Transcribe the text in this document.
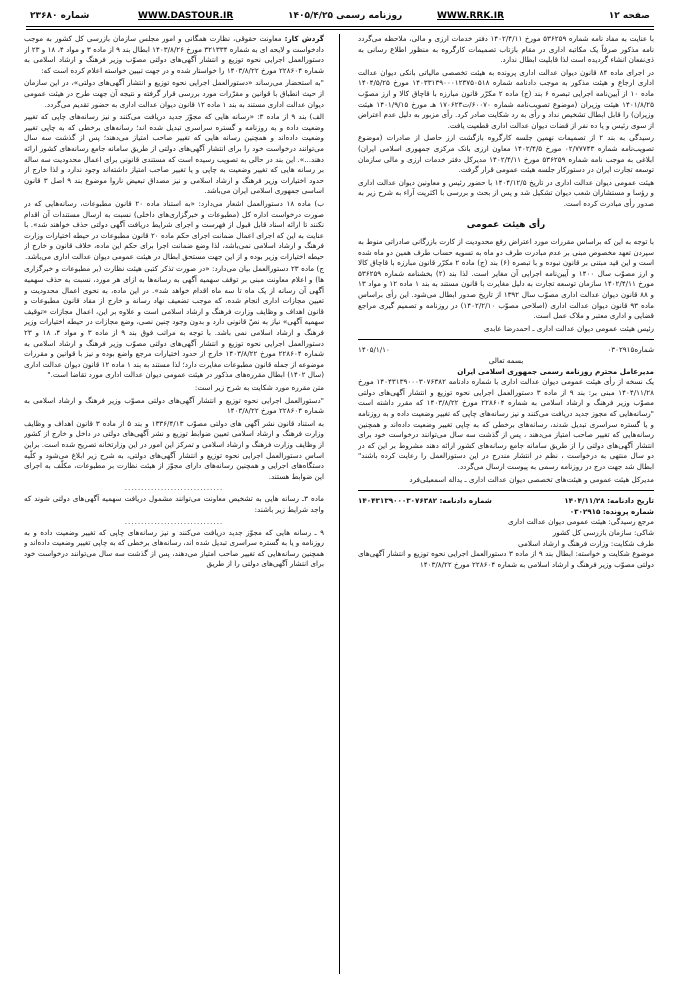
صفحه ۱۲
WWW.RRK.IR
روزنامه رسمی ۱۴۰۵/۴/۲۵
WWW.DASTOUR.IR
شماره ۲۳۶۸۰

با عنایت به مفاد نامه شماره ۵۳۶۲۵۹ مورخ ۱۴۰۲/۴/۱۱ دفتر خدمات ارزی و مالی، ملاحظه می‌گردد نامه مذکور صرفاً یک مکاتبه اداری در مقام بازتاب تصمیمات کارگروه به منظور اطلاع رسانی به ذی‌نفعان انشاء گردیده است لذا قابلیت ابطال ندارد.

در اجرای ماده ۸۴ قانون دیوان عدالت اداری پرونده به هیئت تخصصی مالیاتی بانکی دیوان عدالت اداری ارجاع و هیئت مذکور به موجب دادنامه شماره ۱۴۰۳۳۱۳۹۰۰۰۱۲۳۷۵۰۵۱۸ مورخ ۱۴۰۴/۵/۲۵ ماده ۱۰ از آیین‌نامه اجرایی تبصره ۶ بند (ج) ماده ۲ مکرّر قانون مبارزه با قاچاق کالا و ارز مصوّب ۱۴۰۱/۸/۲۵ هیئت وزیران (موضوع تصویب‌نامه شماره ۶۰۰۷۰/ت۱۷۰۶۲۳ هـ مورخ ۱۴۰۱/۹/۱۵ هیئت وزیران) را قابل ابطال تشخیص نداد و رأی به رد شکایت صادر کرد. رأی مزبور به دلیل عدم اعتراض از سوی رئیس و یا ده نفر از قضات دیوان عدالت اداری قطعیت یافت.

رسیدگی به بند ۲ از تصمیمات نهمین جلسه کارگروه بازگشت ارز حاصل از صادرات (موضوع تصویب‌نامه شماره ۰۲/۷۷۷۴۳ مورخ ۱۴۰۲/۴/۵ معاون ارزی بانک مرکزی جمهوری اسلامی ایران) ابلاغی به موجب نامه شماره ۵۳۶۲۵۹ مورخ ۱۴۰۲/۴/۱۱ مدیرکل دفتر خدمات ارزی و مالی سازمان توسعه تجارت ایران در دستورکار جلسه هیئت عمومی قرار گرفت.

هیئت عمومی دیوان عدالت اداری در تاریخ ۱۴۰۴/۱۲/۵ با حضور رئیس و معاونین دیوان عدالت اداری و رؤسا و مستشاران شعب دیوان تشکیل شد و پس از بحث و بررسی با اکثریت آراء به شرح زیر به صدور رأی مبادرت کرده است.

رأی هیئت عمومی

با توجه به این که براساس مقررات مورد اعتراض رفع محدودیت از کارت بازرگانی صادراتی منوط به سپردن تعهد مخصوص مبنی بر عدم مبادرت طرف دو ماه به تسویه حساب طرف همین دو ماه شده است و این قید مبتنی بر قانون نبوده و با تبصره (۶) بند (ج) ماده ۲ مکرّر قانون مبارزه با قاچاق کالا و ارز مصوّب سال ۱۴۰۰ و آیین‌نامه اجرایی آن مغایر است. لذا بند (۲) بخشنامه شماره ۵۳۶۲۵۹ مورخ ۱۴۰۲/۴/۱۱ سازمان توسعه تجارت به دلیل مغایرت با قانون مستند به بند ۱ ماده ۱۲ و مواد ۱۳ و ۸۸ قانون دیوان عدالت اداری مصوّب سال ۱۳۹۲ از تاریخ صدور ابطال می‌شود. این رأی براساس ماده ۹۳ قانون دیوان عدالت اداری (اصلاحی مصوّب ۱۴۰۲/۲/۱۰) در روزنامه و تصمیم گیری مراجع قضایی و اداری معتبر و ملاک عمل است.

رئیس هیئت عمومی دیوان عدالت اداری ـ احمدرضا عابدی

شماره۰۳۰۲۹۱۵
۱۴۰۵/۱/۱۰
بسمه تعالی
مدیرعامل محترم روزنامه رسمی جمهوری اسلامی ایران

یک نسخه از رأی هیئت عمومی دیوان عدالت اداری با شماره دادنامه ۱۴۰۴۳۱۳۹۰۰۰۳۰۷۶۳۸۲ مورخ ۱۴۰۴/۱۱/۲۸ مبنی بر: بند ۹ از ماده ۳ دستورالعمل اجرایی نحوه توزیع و انتشار آگهی‌های دولتی مصوّب وزیر فرهنگ و ارشاد اسلامی به شماره ۲۲۸۶۰۴ مورخ ۱۴۰۳/۸/۲۲ که مقرر داشته است "رسانه‌هایی که مجوز جدید دریافت می‌کنند و نیز رسانه‌های چاپی که تغییر وضعیت داده و به روزنامه و یا گستره سراسری تبدیل شدند، رسانه‌های برخطی که به چاپی تغییر وضعیت داده‌اند و همچنین رسانه‌هایی که تغییر صاحب امتیاز می‌دهند ، پس از گذشت سه سال می‌توانند درخواست خود برای انتشار آگهی‌های دولتی را از طریق سامانه جامع رسانه‌های کشور ارائه دهند مشروط بر این که در دو سال منتهی به درخواست ، نظم در انتشار مندرج در این دستورالعمل را رعایت کرده باشند" ابطال شد جهت درج در روزنامه رسمی به پیوست ارسال می‌گردد.

مدیرکل هیئت عمومی و هیئت‌های تخصصی دیوان عدالت اداری ـ یداله اسمعیلی‌فرد

تاریخ دادنامه: ۱۴۰۴/۱۱/۲۸
شماره دادنامه: ۱۴۰۴۳۱۳۹۰۰۰۳۰۷۶۳۸۲
شماره پرونده: ۰۳۰۲۹۱۵
مرجع رسیدگی: هیئت عمومی دیوان عدالت اداری
شاکی: سازمان بازرسی کل کشور
طرف شکایت: وزارت فرهنگ و ارشاد اسلامی

موضوع شکایت و خواسته: ابطال بند ۹ از ماده ۳ دستورالعمل اجرایی نحوه توزیع و انتشار آگهی‌های دولتی مصوّب وزیر فرهنگ و ارشاد اسلامی به شماره ۲۲۸۶۰۴ مورخ ۱۴۰۳/۸/۲۲

گردش کار: معاونت حقوقی، نظارت همگانی و امور مجلس سازمان بازرسی کل کشور به موجب دادخواست و لایحه ای به شماره ۳۲۱۳۳۴ مورخ ۱۴۰۳/۸/۲۶ ابطال بند ۹ از ماده ۳ و مواد ۴، ۱۸ و ۲۳ از دستورالعمل اجرایی نحوه توزیع و انتشار آگهی‌های دولتی مصوّب وزیر فرهنگ و ارشاد اسلامی به شماره ۲۲۸۶۰۴ مورخ ۱۴۰۳/۸/۲۲ را خواستار شده و در جهت تبیین خواسته اعلام کرده است که:

"به استحضار می‌رساند «دستورالعمل اجرایی نحوه توزیع و انتشار آگهی‌های دولتی»، در این سازمان از حیث انطباق با قوانین و مقرّرات مورد بررسی قرار گرفته و نتیجه آن جهت طرح در هیئت عمومی دیوان عدالت اداری مستند به بند ۱ ماده ۱۲ قانون دیوان عدالت اداری به حضور تقدیم می‌گردد.

الف) بند ۹ از ماده ۳: «رسانه هایی که مجوّز جدید دریافت می‌کنند و نیز رسانه‌های چاپی که تغییر وضعیت داده و به روزنامه و گستره سراسری تبدیل شده اند؛ رسانه‌های برخطی که به چاپی تغییر وضعیت داده‌اند و همچنین رسانه هایی که تغییر صاحب امتیاز می‌دهند؛ پس از گذشت سه سال می‌توانند درخواست خود را برای انتشار آگهی‌های دولتی از طریق سامانه جامع رسانه‌های کشور ارائه دهند...». این بند در حالی به تصویب رسیده است که مستندی قانونی برای اعمال محدودیت سه ساله بر رسانه هایی که تغییر وضعیت به چاپی و یا تغییر صاحب امتیاز داشته‌اند وجود ندارد و لذا خارج از حدود اختیارات وزیر فرهنگ و ارشاد اسلامی و نیز مصداق تبعیض ناروا موضوع بند ۹ اصل ۳ قانون اساسی جمهوری اسلامی ایران می‌باشد.

ب) ماده ۱۸ دستورالعمل اشعار می‌دارد: «به استناد ماده ۲۰ قانون مطبوعات، رسانه‌هایی که در صورت درخواست اداره کل (مطبوعات و خبرگزاری‌های داخلی) نسبت به ارسال مستندات آن اقدام نکنند تا ارائه اسناد قابل قبول از فهرست و اجرای شرایط دریافت آگهی دولتی حذف خواهند شد». با عنایت به این که اجرای اعمال ضمانت اجرای حکم ماده ۲۰ قانون مطبوعات در حیطه اختیارات وزارت فرهنگ و ارشاد اسلامی نمی‌باشد، لذا وضع ضمانت اجرا برای حکم این ماده، خلاف قانون و خارج از حیطه اختیارات وزیر بوده و از این جهت مستحق ابطال در هیئت عمومی دیوان عدالت اداری می‌باشد.

ج) ماده ۲۳ دستورالعمل بیان می‌دارد: «در صورت تذکر کتبی هیئت نظارت (بر مطبوعات و خبرگزاری ها) و اعلام معاونت مبنی بر توقف سهمیه آگهی به رسانه‌ها به ازای هر مورد، نسبت به حذف سهمیه آگهی آن رسانه از یک ماه تا سه ماه اقدام خواهد شد». در این ماده، به نحوی اعمال محدودیت و تعیین مجازات اداری انجام شده، که موجب تضعیف نهاد رسانه و خارج از مفاد قانون مطبوعات و قانون اهداف و وظایف وزارت فرهنگ و ارشاد اسلامی است و علاوه بر این، اعمال مجازات «توقیف سهمیه آگهی» نیاز به نصّ قانونی دارد و بدون وجود چنین نصی، وضع مجازات در حیطه اختیارات وزیر فرهنگ و ارشاد اسلامی نمی باشد. با توجه به مراتب فوق بند ۹ از ماده ۳ و مواد ۴، ۱۸ و ۲۳ دستورالعمل اجرایی نحوه توزیع و انتشار آگهی‌های دولتی مصوّب وزیر فرهنگ و ارشاد اسلامی به شماره ۲۲۸۶۰۴ مورخ ۱۴۰۳/۸/۲۲ خارج از حدود اختیارات مرجع واضع بوده و نیز با قوانین و مقررات موضوعه از جمله قانون مطبوعات مغایرت دارد؛ لذا مستند به بند ۱ ماده ۱۲ قانون دیوان عدالت اداری (سال ۱۴۰۲) ابطال مقرره‌های مذکور در هیئت عمومی دیوان عدالت اداری مورد تقاضا است."

متن مقرره مورد شکایت به شرح زیر است:

"دستورالعمل اجرایی نحوه توزیع و انتشار آگهی‌های دولتی مصوّب وزیر فرهنگ و ارشاد اسلامی به شماره ۲۲۸۶۰۴ مورخ ۱۴۰۳/۸/۲۲

به استناد قانون نشر آگهی های دولتی مصوّب ۱۳۳۶/۴/۱۳ و بند ۵ از ماده ۳ قانون اهداف و وظایف وزارت فرهنگ و ارشاد اسلامی تعیین ضوابط توزیع و نشر آگهی‌های دولتی در داخل و خارج از کشور از وظایف وزارت فرهنگ و ارشاد اسلامی و تمرکز این امور در این وزارتخانه تصریح شده است. براین اساس دستورالعمل اجرایی نحوه توزیع و انتشار آگهی‌های دولتی، به شرح زیر ابلاغ می‌شود و کلّیه دستگاه‌های اجرایی و همچنین رسانه‌های دارای مجوّز از هیئت نظارت بر مطبوعات، مکلّف به اجرای این ضوابط هستند.

..............................

ماده ۳ـ رسانه هایی به تشخیص معاونت می‌توانند مشمول دریافت سهمیه آگهی‌های دولتی شوند که واجد شرایط زیر باشند:

..............................

۹ ـ رسانه هایی که مجوّز جدید دریافت می‌کنند و نیز رسانه‌های چاپی که تغییر وضعیت داده و به روزنامه و یا به گستره سراسری تبدیل شده اند، رسانه‌های برخطی که به چاپی تغییر وضعیت داده‌اند و همچنین رسانه‌هایی که تغییر صاحب امتیاز می‌دهند، پس از گذشت سه سال می‌توانند درخواست خود برای انتشار آگهی‌های دولتی را از طریق
